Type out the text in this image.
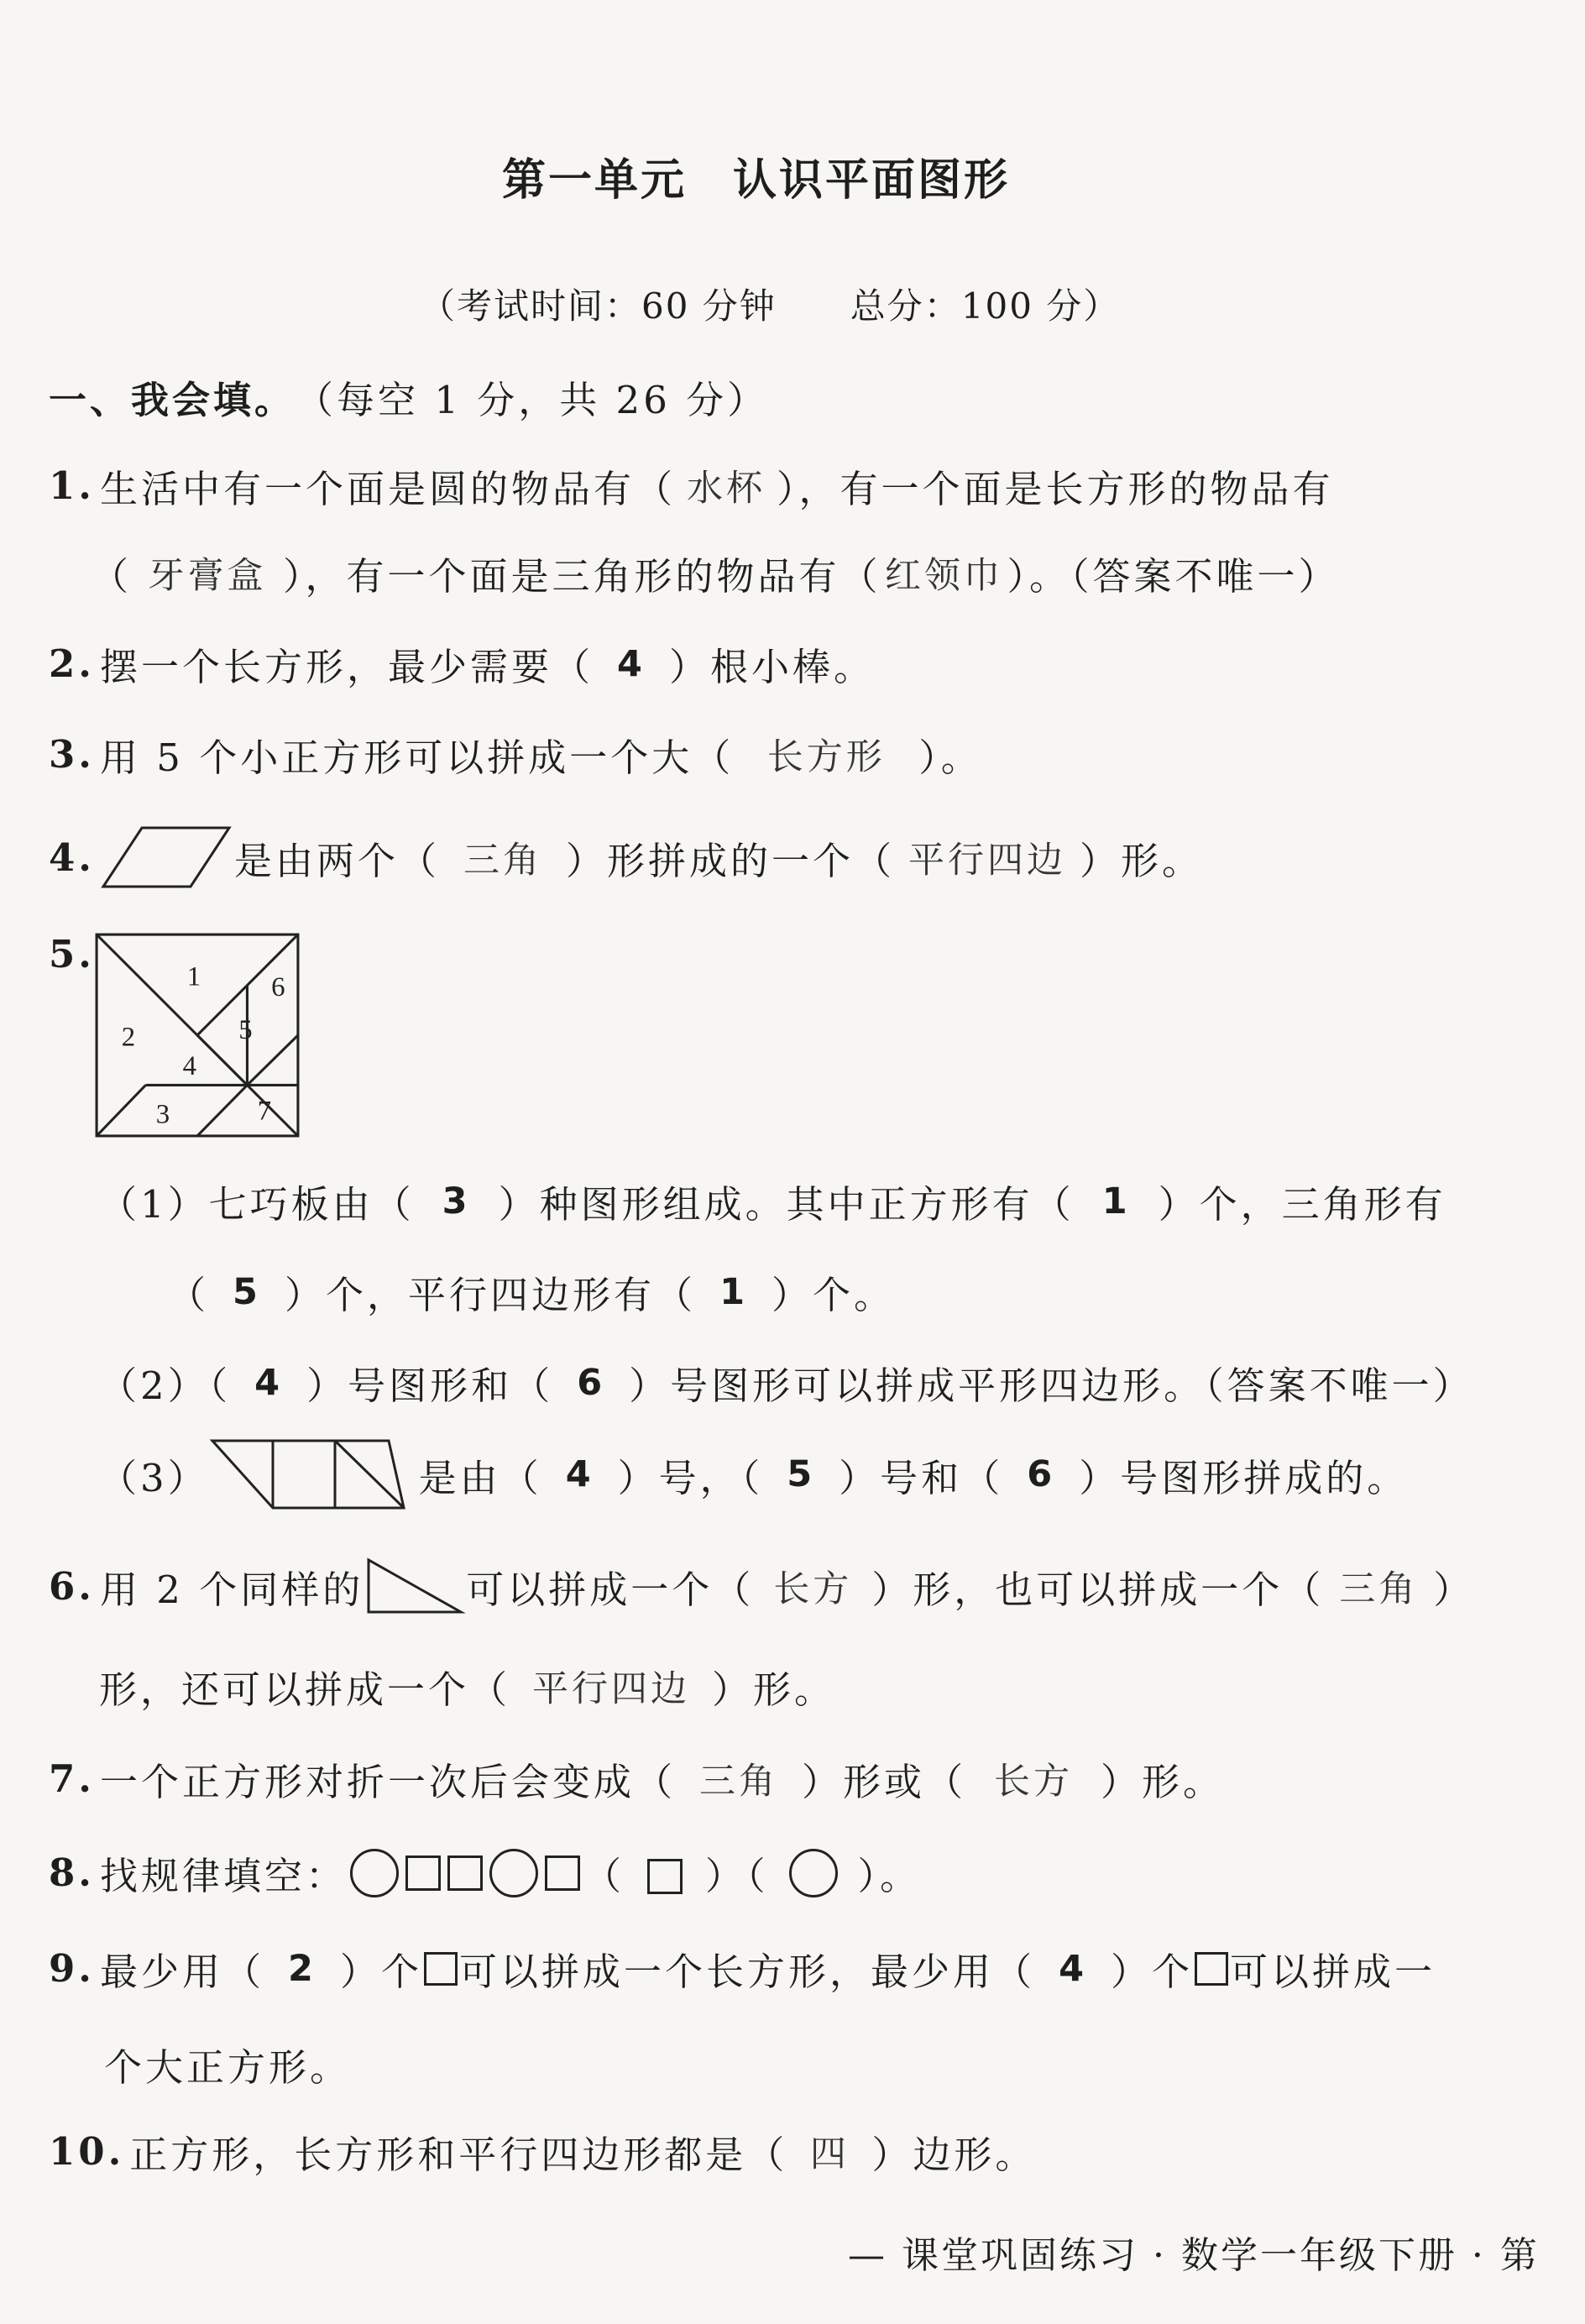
第一单元　认识平面图形
（考试时间：60 分钟　　总分：100 分）
一、我会填。 （每空 1 分，共 26 分）
1. 生活中有一个面是圆的物品有（ 水杯 ），有一个面是长方形的物品有
（ 牙膏盒 ），有一个面是三角形的物品有（ 红领巾 ）。（答案不唯一）
2. 摆一个长方形，最少需要（ 4 ）根小棒。
3. 用 5 个小正方形可以拼成一个大（ 长方形 ）。
4.	是由两个（ 三角 ）形拼成的一个（ 平行四边 ）形。
5.
1
2
3
4
5
6
7
（1）七巧板由（ 3 ）种图形组成。其中正方形有（ 1 ）个，三角形有
（ 5 ）个，平行四边形有（ 1 ）个。
（2）（ 4 ）号图形和（ 6 ）号图形可以拼成平形四边形。（答案不唯一）
（3）	是由（ 4 ）号，（ 5 ）号和（ 6 ）号图形拼成的。
6. 用 2 个同样的	可以拼成一个（ 长方 ）形，也可以拼成一个（ 三角 ）
形，还可以拼成一个（ 平行四边 ）形。
7. 一个正方形对折一次后会变成（ 三角 ）形或（ 长方 ）形。
8. 找规律填空：	（ ）（ ）。
9. 最少用（ 2 ）个 可以拼成一个长方形，最少用（ 4 ）个 可以拼成一
个大正方形。
10. 正方形，长方形和平行四边形都是（ 四 ）边形。
— 课堂巩固练习 · 数学一年级下册 · 第
